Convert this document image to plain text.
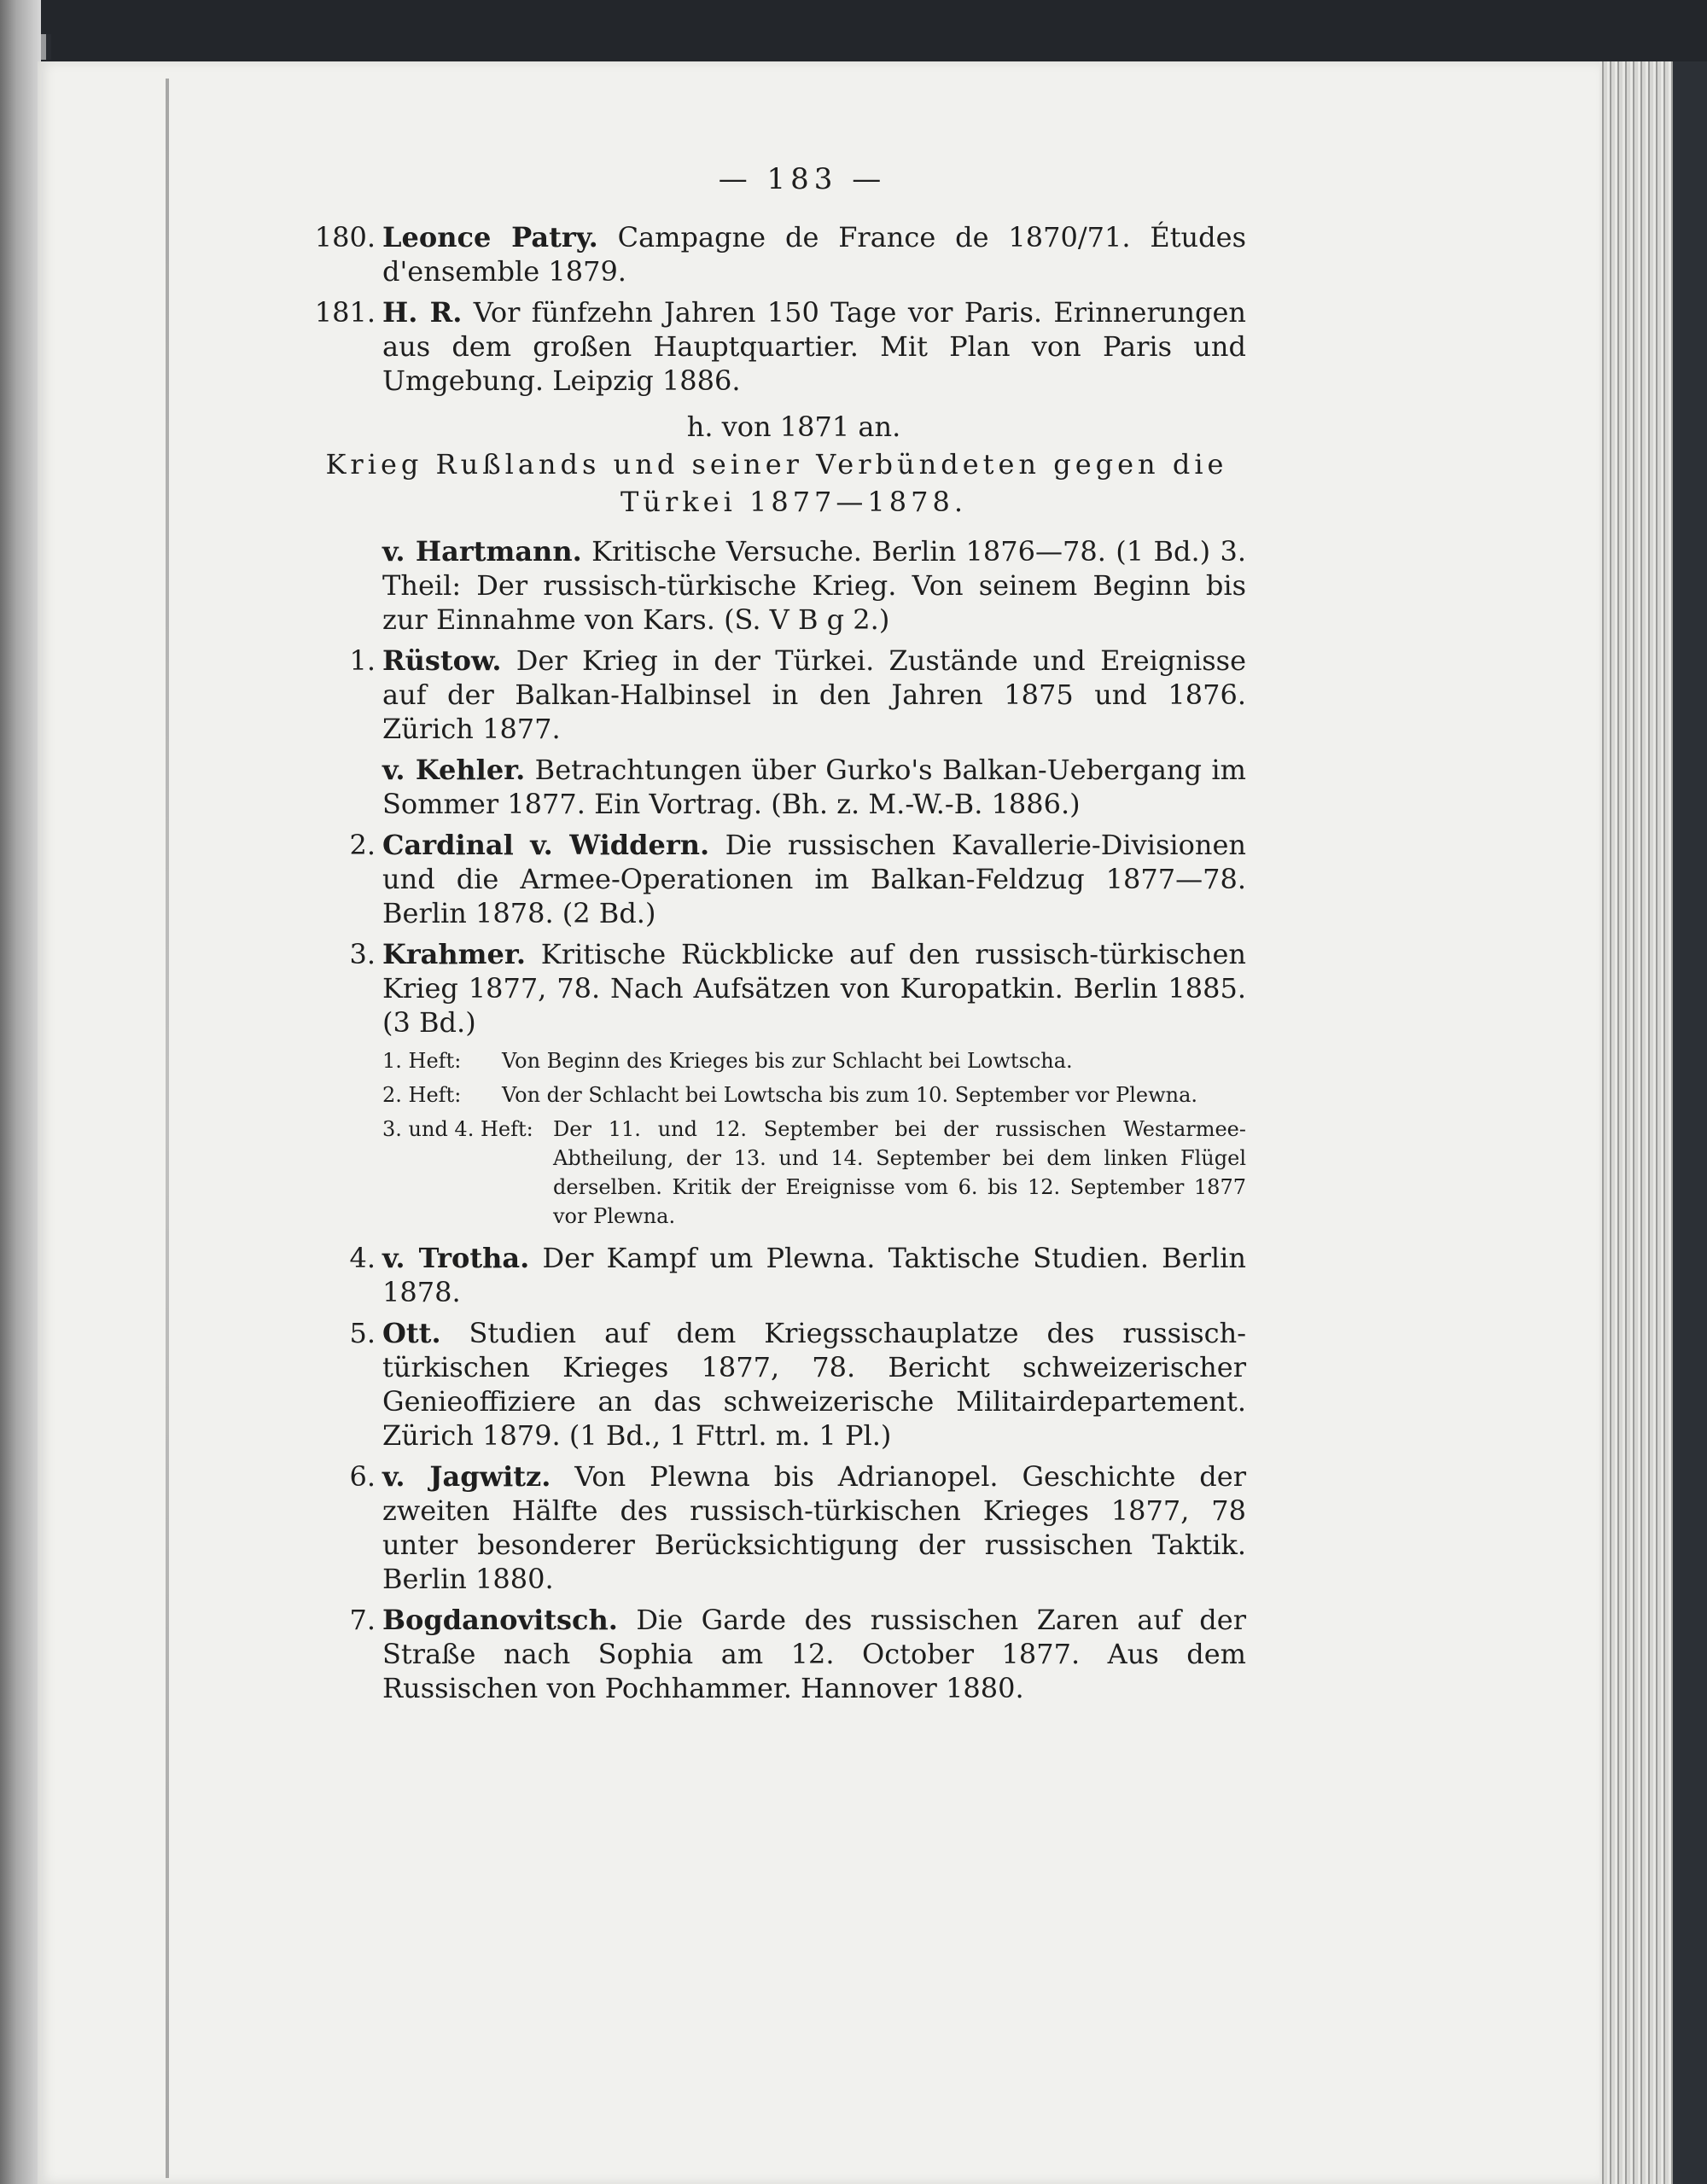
— 183 —
180. Leonce Patry. Campagne de France de 1870/71. Études d'ensemble 1879.
181. H. R. Vor fünfzehn Jahren 150 Tage vor Paris. Erinnerungen aus dem großen Hauptquartier. Mit Plan von Paris und Umgebung. Leipzig 1886.
h. von 1871 an.
Krieg Rußlands und seiner Verbündeten gegen die
Türkei 1877—1878.
v. Hartmann. Kritische Versuche. Berlin 1876—78. (1 Bd.) 3. Theil: Der russisch-türkische Krieg. Von seinem Beginn bis zur Einnahme von Kars. (S. V B g 2.)
1. Rüstow. Der Krieg in der Türkei. Zustände und Ereignisse auf der Balkan-Halbinsel in den Jahren 1875 und 1876. Zürich 1877.
v. Kehler. Betrachtungen über Gurko's Balkan-Uebergang im Sommer 1877. Ein Vortrag. (Bh. z. M.-W.-B. 1886.)
2. Cardinal v. Widdern. Die russischen Kavallerie-Divisionen und die Armee-Operationen im Balkan-Feldzug 1877—78. Berlin 1878. (2 Bd.)
3. Krahmer. Kritische Rückblicke auf den russisch-türkischen Krieg 1877, 78. Nach Aufsätzen von Kuropatkin. Berlin 1885. (3 Bd.)
1. Heft: Von Beginn des Krieges bis zur Schlacht bei Lowtscha.
2. Heft: Von der Schlacht bei Lowtscha bis zum 10. September vor Plewna.
3. und 4. Heft: Der 11. und 12. September bei der russischen Westarmee-Abtheilung, der 13. und 14. September bei dem linken Flügel derselben. Kritik der Ereignisse vom 6. bis 12. September 1877 vor Plewna.
4. v. Trotha. Der Kampf um Plewna. Taktische Studien. Berlin 1878.
5. Ott. Studien auf dem Kriegsschauplatze des russisch-türkischen Krieges 1877, 78. Bericht schweizerischer Genieoffiziere an das schweizerische Militairdepartement. Zürich 1879. (1 Bd., 1 Fttrl. m. 1 Pl.)
6. v. Jagwitz. Von Plewna bis Adrianopel. Geschichte der zweiten Hälfte des russisch-türkischen Krieges 1877, 78 unter besonderer Berücksichtigung der russischen Taktik. Berlin 1880.
7. Bogdanovitsch. Die Garde des russischen Zaren auf der Straße nach Sophia am 12. October 1877. Aus dem Russischen von Pochhammer. Hannover 1880.
